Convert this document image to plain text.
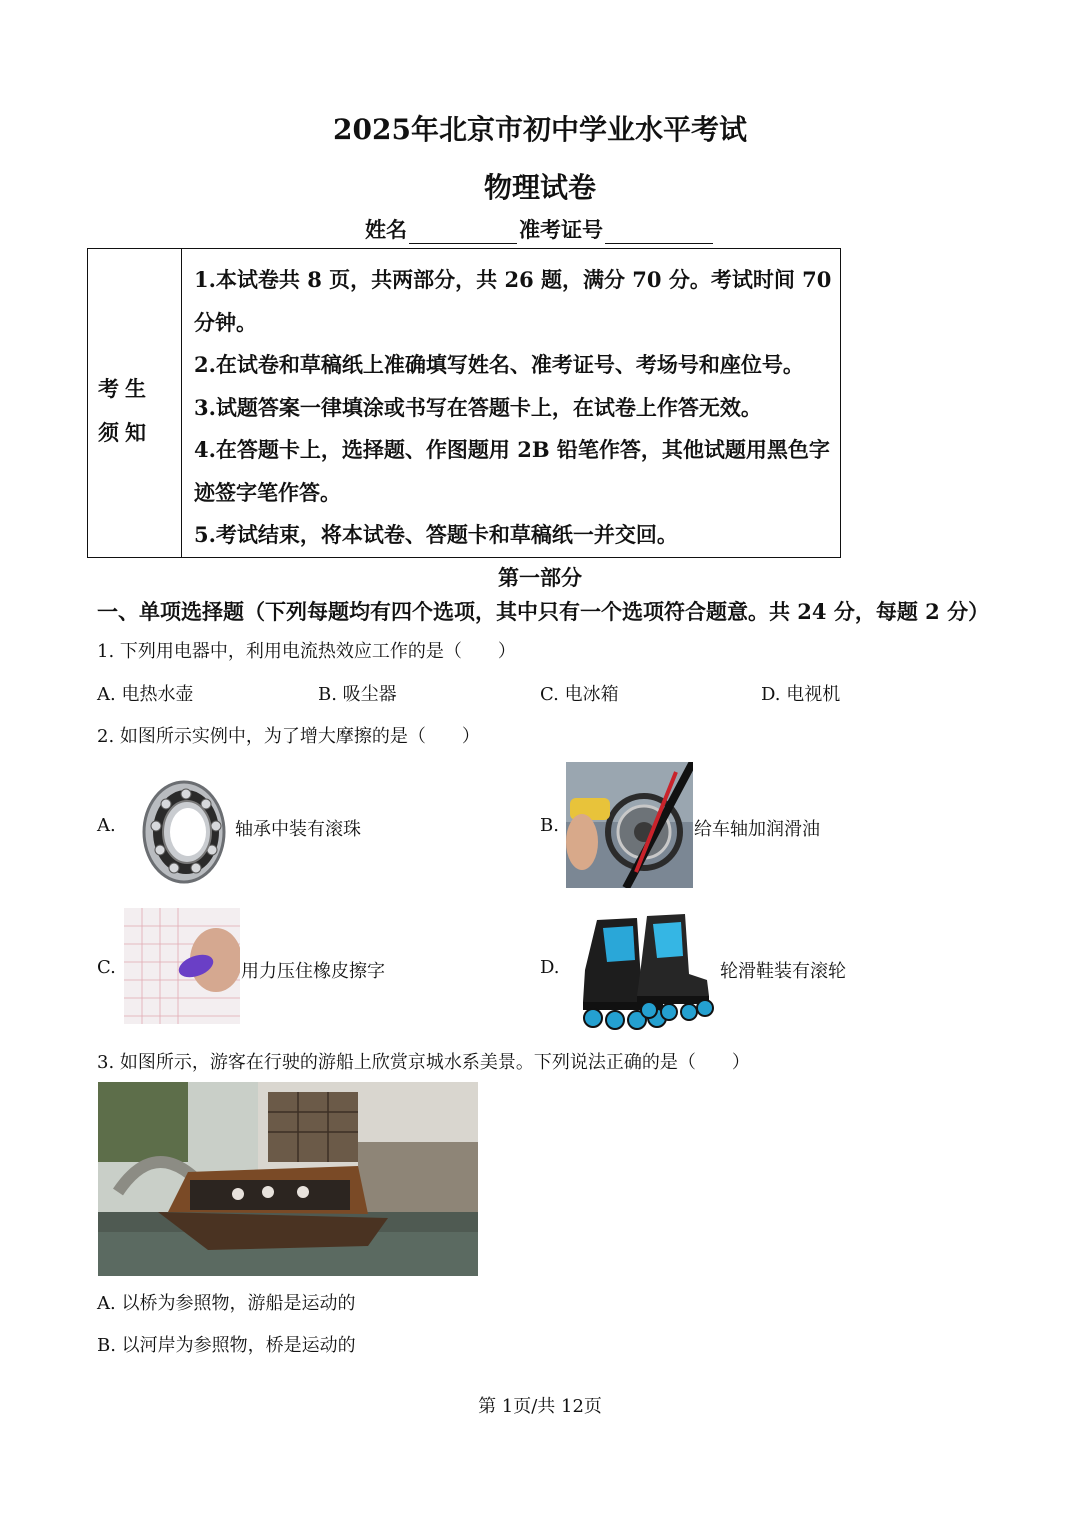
2025年北京市初中学业水平考试
物理试卷
姓名	准考证号
考生须知
1.本试卷共 8 页，共两部分，共 26 题，满分 70 分。考试时间 70 分钟。
2.在试卷和草稿纸上准确填写姓名、准考证号、考场号和座位号。
3.试题答案一律填涂或书写在答题卡上，在试卷上作答无效。
4.在答题卡上，选择题、作图题用 2B 铅笔作答，其他试题用黑色字迹签字笔作答。
5.考试结束，将本试卷、答题卡和草稿纸一并交回。
第一部分
一、单项选择题（下列每题均有四个选项，其中只有一个选项符合题意。共 24 分，每题 2 分）
1. 下列用电器中，利用电流热效应工作的是（　　）
A. 电热水壶	B. 吸尘器	C. 电冰箱	D. 电视机
2. 如图所示实例中，为了增大摩擦的是（　　）
A.	轴承中装有滚珠	B.	给车轴加润滑油
C.	用力压住橡皮擦字	D.	轮滑鞋装有滚轮
3. 如图所示，游客在行驶的游船上欣赏京城水系美景。下列说法正确的是（　　）
A. 以桥为参照物，游船是运动的
B. 以河岸为参照物，桥是运动的
第 1页/共 12页
